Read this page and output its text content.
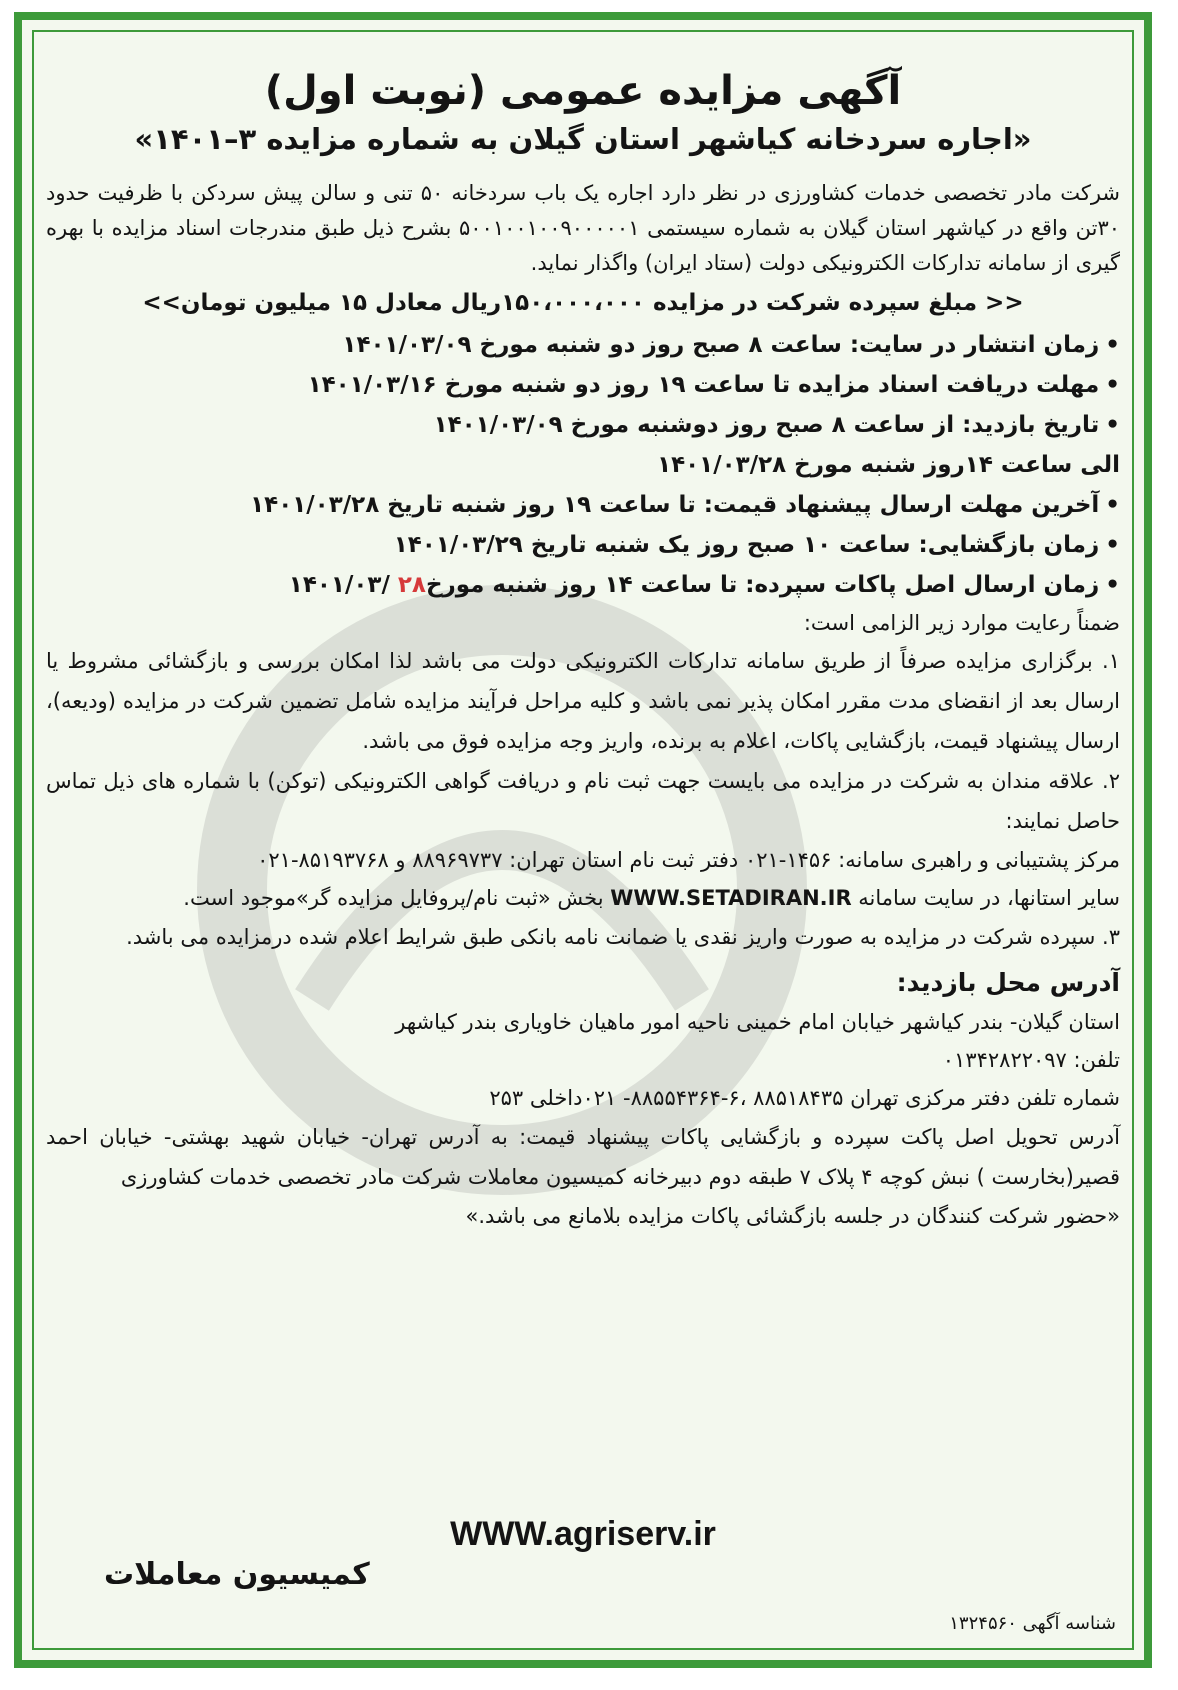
آگهی مزایده عمومی (نوبت اول)
«اجاره سردخانه کیاشهر استان گیلان به شماره مزایده ۳–۱۴۰۱»
شرکت مادر تخصصی خدمات کشاورزی در نظر دارد اجاره یک باب سردخانه ۵۰ تنی و سالن پیش سردکن با ظرفیت حدود ۳۰تن واقع در کیاشهر استان گیلان به شماره سیستمی ۵۰۰۱۰۰۱۰۰۹۰۰۰۰۰۱ بشرح ذیل طبق مندرجات اسناد مزایده با بهره گیری از سامانه تدارکات الکترونیکی دولت (ستاد ایران) واگذار نماید.
<< مبلغ سپرده شرکت در مزایده ۱۵۰،۰۰۰،۰۰۰ریال معادل ۱۵ میلیون تومان>>
•زمان انتشار در سایت: ساعت ۸ صبح روز دو شنبه مورخ ۱۴۰۱/۰۳/۰۹
•مهلت دریافت اسناد مزایده تا ساعت ۱۹ روز دو شنبه مورخ ۱۴۰۱/۰۳/۱۶
•تاریخ بازدید: از ساعت ۸ صبح روز دوشنبه مورخ ۱۴۰۱/۰۳/۰۹
الی ساعت ۱۴روز شنبه مورخ ۱۴۰۱/۰۳/۲۸
•آخرین مهلت ارسال پیشنهاد قیمت: تا ساعت ۱۹ روز شنبه تاریخ ۱۴۰۱/۰۳/۲۸
•زمان بازگشایی: ساعت ۱۰ صبح روز یک شنبه تاریخ ۱۴۰۱/۰۳/۲۹
•زمان ارسال اصل پاکات سپرده: تا ساعت ۱۴ روز شنبه مورخ۲۸ /۱۴۰۱/۰۳
ضمناً رعایت موارد زیر الزامی است:
۱. برگزاری مزایده صرفاً از طریق سامانه تدارکات الکترونیکی دولت می باشد لذا امکان بررسی و بازگشائی مشروط یا ارسال بعد از انقضای مدت مقرر امکان پذیر نمی باشد و کلیه مراحل فرآیند مزایده شامل تضمین شرکت در مزایده (ودیعه)، ارسال پیشنهاد قیمت، بازگشایی پاکات، اعلام به برنده، واریز وجه مزایده فوق می باشد.
۲. علاقه مندان به شرکت در مزایده می بایست جهت ثبت نام و دریافت گواهی الکترونیکی (توکن) با شماره های ذیل تماس حاصل نمایند:
مرکز پشتیبانی و راهبری سامانه: ۱۴۵۶-۰۲۱ دفتر ثبت نام استان تهران: ۸۸۹۶۹۷۳۷ و ۸۵۱۹۳۷۶۸-۰۲۱
سایر استانها، در سایت سامانه WWW.SETADIRAN.IR بخش «ثبت نام/پروفایل مزایده گر»موجود است.
۳. سپرده شرکت در مزایده به صورت واریز نقدی یا ضمانت نامه بانکی طبق شرایط اعلام شده درمزایده می باشد.
آدرس محل بازدید:
استان گیلان- بندر کیاشهر خیابان امام خمینی ناحیه امور ماهیان خاویاری بندر کیاشهر
تلفن: ۰۱۳۴۲۸۲۲۰۹۷
شماره تلفن دفتر مرکزی تهران ۸۸۵۱۸۴۳۵ ،۶-۸۸۵۵۴۳۶۴- ۰۲۱داخلی ۲۵۳
آدرس تحویل اصل پاکت سپرده و بازگشایی پاکات پیشنهاد قیمت: به آدرس تهران- خیابان شهید بهشتی- خیابان احمد قصیر(بخارست ) نبش کوچه ۴ پلاک ۷ طبقه دوم دبیرخانه کمیسیون معاملات شرکت مادر تخصصی خدمات کشاورزی
«حضور شرکت کنندگان در جلسه بازگشائی پاکات مزایده بلامانع می باشد.»
WWW.agriserv.ir
کمیسیون معاملات
شناسه آگهی ۱۳۲۴۵۶۰
